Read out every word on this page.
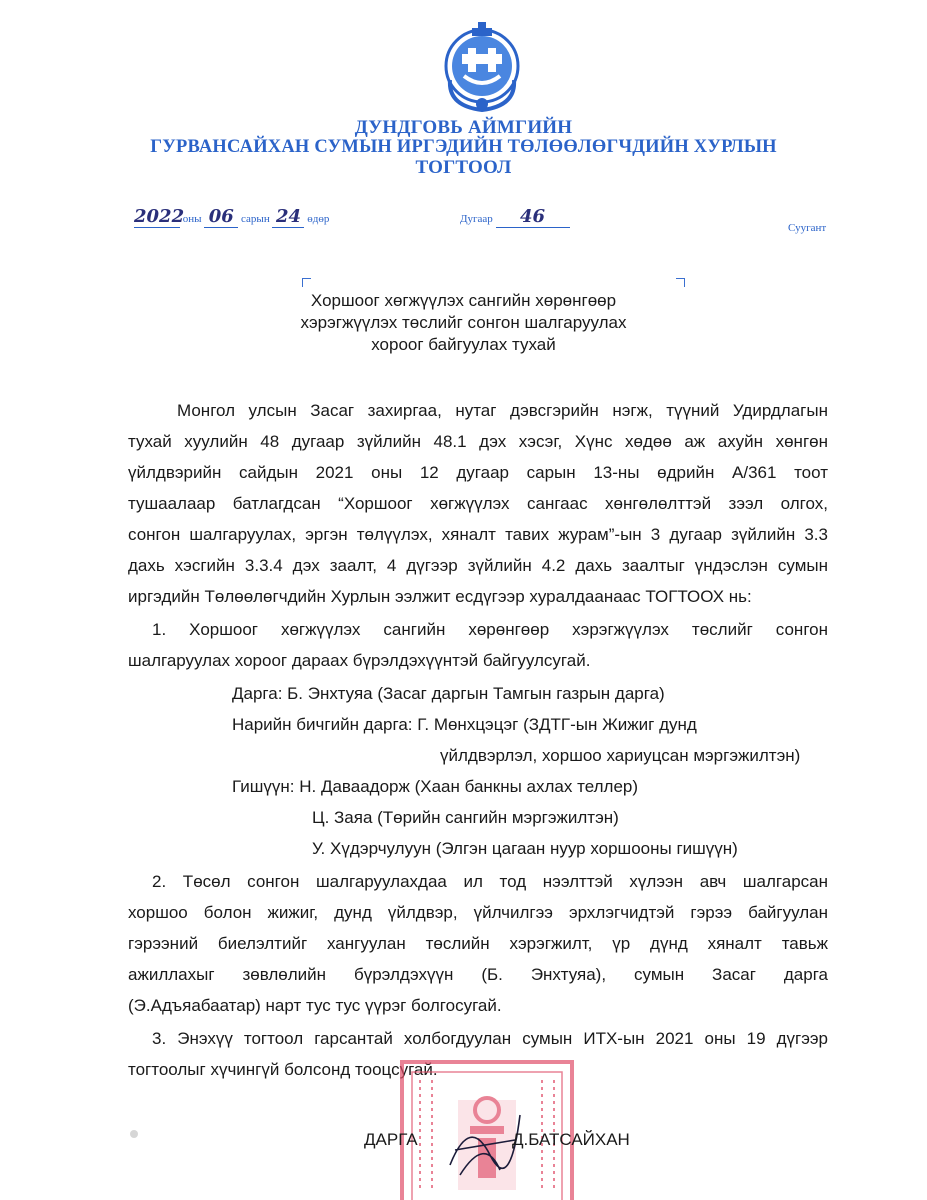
ДУНДГОВЬ АЙМГИЙН
ГУРВАНСАЙХАН СУМЫН ИРГЭДИЙН ТӨЛӨӨЛӨГЧДИЙН ХУРЛЫН
ТОГТООЛ
2022 оны 06 сарын 24 өдөр	Дугаар 46
Суугант
Хоршоог хөгжүүлэх сангийн хөрөнгөөр
хэрэгжүүлэх төслийг сонгон шалгаруулах
хороог байгуулах тухай
Монгол улсын Засаг захиргаа, нутаг дэвсгэрийн нэгж, түүний Удирдлагын
тухай хуулийн 48 дугаар зүйлийн 48.1 дэх хэсэг, Хүнс хөдөө аж ахуйн хөнгөн
үйлдвэрийн сайдын 2021 оны 12 дугаар сарын 13-ны өдрийн А/361 тоот
тушаалаар батлагдсан “Хоршоог хөгжүүлэх сангаас хөнгөлөлттэй зээл олгох,
сонгон шалгаруулах, эргэн төлүүлэх, хяналт тавих журам”-ын 3 дугаар зүйлийн 3.3
дахь хэсгийн 3.3.4 дэх заалт, 4 дүгээр зүйлийн 4.2 дахь заалтыг үндэслэн сумын
иргэдийн Төлөөлөгчдийн Хурлын ээлжит есдүгээр хуралдаанаас ТОГТООХ нь:
1. Хоршоог хөгжүүлэх сангийн хөрөнгөөр хэрэгжүүлэх төслийг сонгон
шалгаруулах хороог дараах бүрэлдэхүүнтэй байгуулсугай.
Дарга: Б. Энхтуяа (Засаг даргын Тамгын газрын дарга)
Нарийн бичгийн дарга: Г. Мөнхцэцэг (ЗДТГ-ын Жижиг дунд
үйлдвэрлэл, хоршоо хариуцсан мэргэжилтэн)
Гишүүн: Н. Даваадорж (Хаан банкны ахлах теллер)
Ц. Заяа (Төрийн сангийн мэргэжилтэн)
У. Хүдэрчулуун (Элгэн цагаан нуур хоршооны гишүүн)
2. Төсөл сонгон шалгаруулахдаа ил тод нээлттэй хүлээн авч шалгарсан
хоршоо болон жижиг, дунд үйлдвэр, үйлчилгээ эрхлэгчидтэй гэрээ байгуулан
гэрээний биелэлтийг хангуулан төслийн хэрэгжилт, үр дүнд хяналт тавьж
ажиллахыг зөвлөлийн бүрэлдэхүүн (Б. Энхтуяа), сумын Засаг дарга
(Э.Адъяабаатар) нарт тус тус үүрэг болгосугай.
3. Энэхүү тогтоол гарсантай холбогдуулан сумын ИТХ-ын 2021 оны 19 дүгээр
тогтоолыг хүчингүй болсонд тооцсугай.
ДАРГА	Д.БАТСАЙХАН
